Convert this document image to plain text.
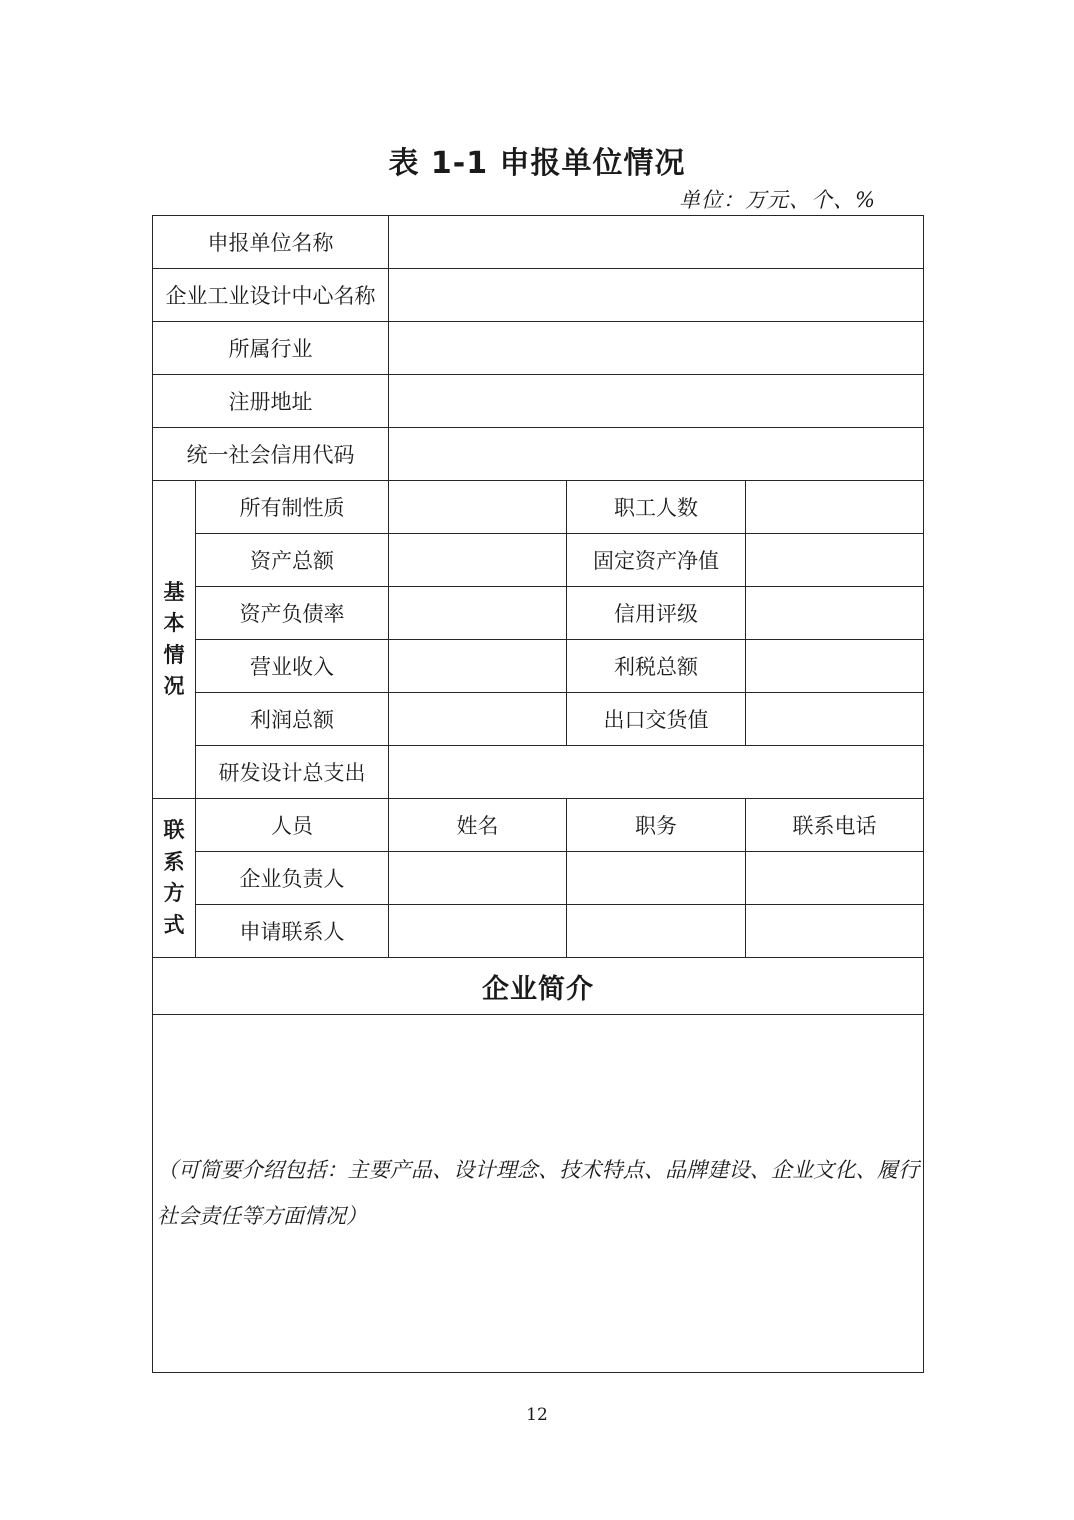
表 1-1 申报单位情况
单位：万元、个、%
申报单位名称				
企业工业设计中心名称				
所属行业				
注册地址				
统一社会信用代码				

基本情况	所有制性质		职工人数	
	资产总额		固定资产净值	
	资产负债率		信用评级	
	营业收入		利税总额	
	利润总额		出口交货值	
	研发设计总支出			

联系方式	人员	姓名	职务	联系电话
	企业负责人			
	申请联系人			
企业简介				

（可简要介绍包括：主要产品、设计理念、技术特点、品牌建设、企业文化、履行社会责任等方面情况）				
12
